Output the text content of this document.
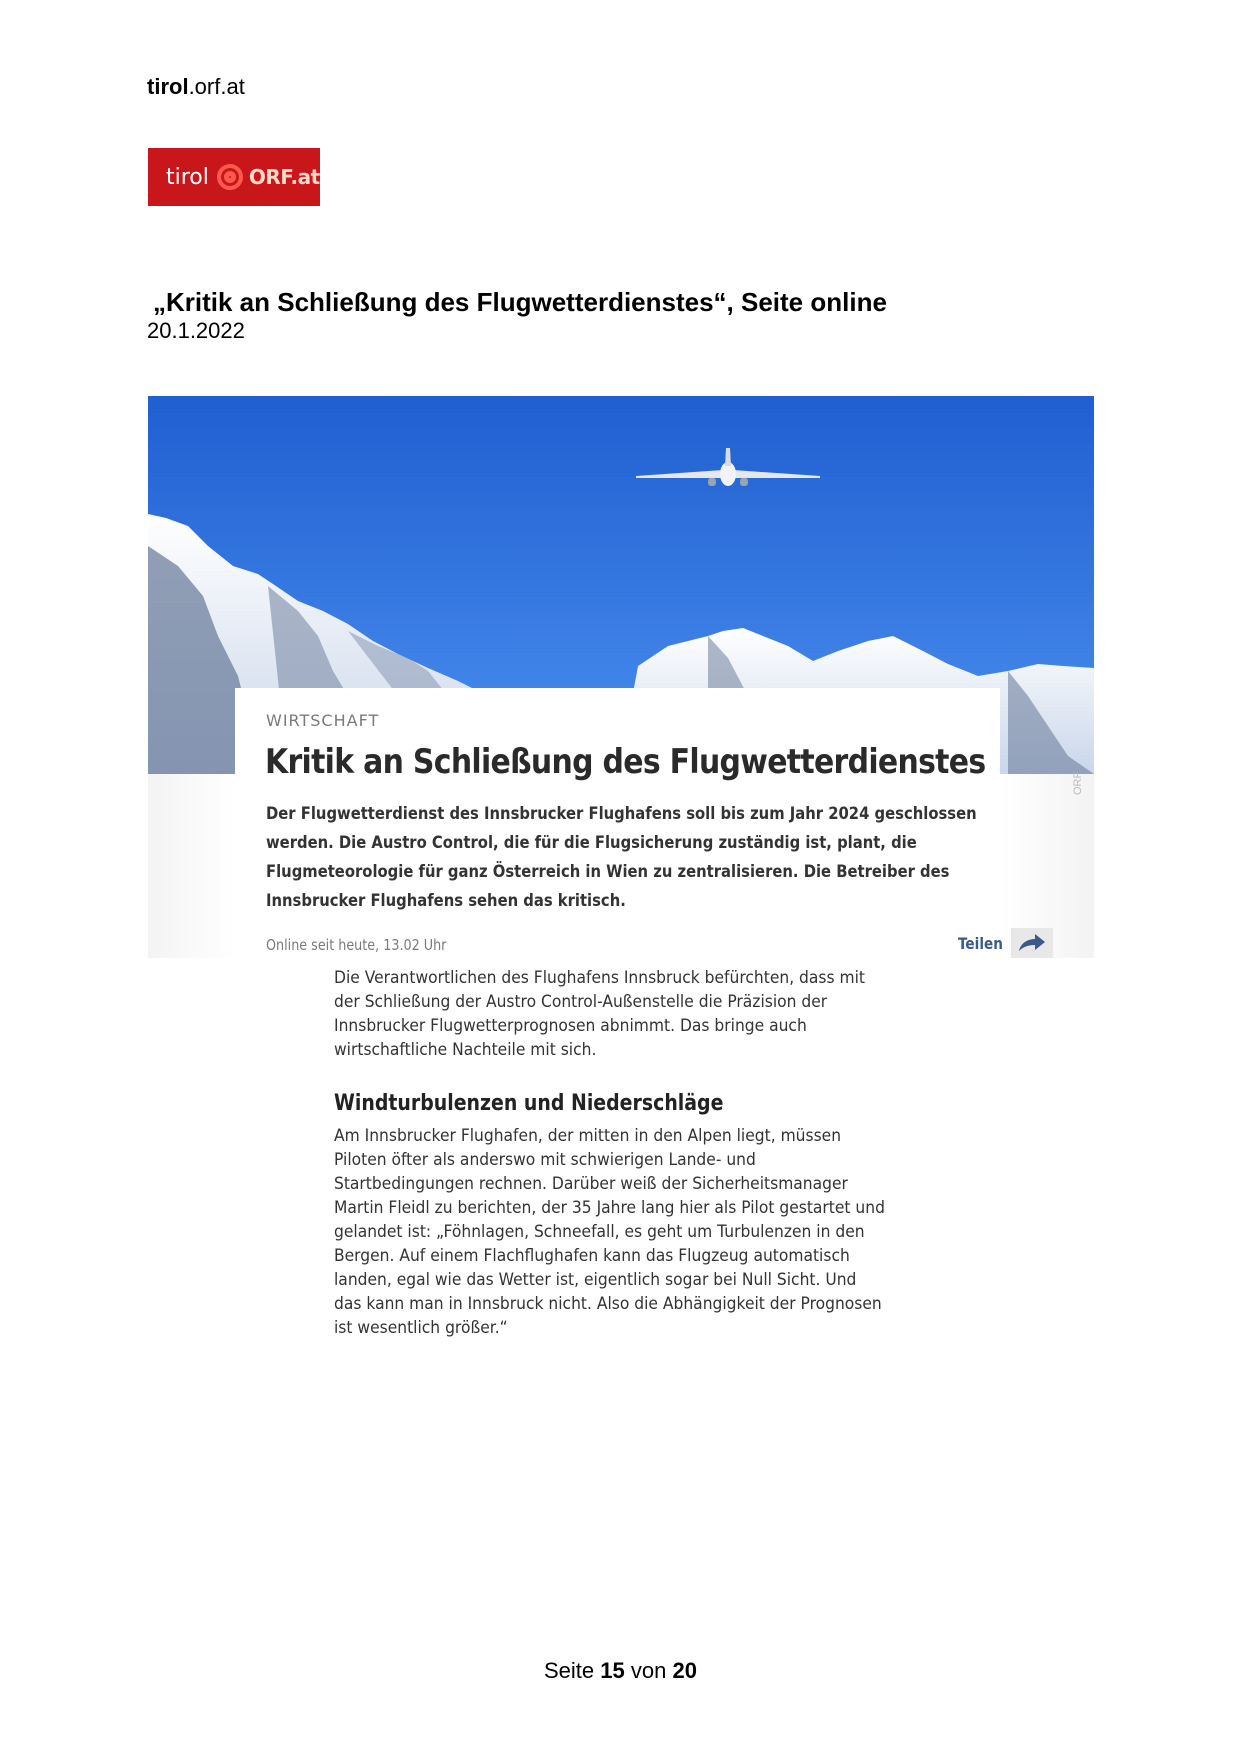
tirol.orf.at
tirol ORF.at
„Kritik an Schließung des Flugwetterdienstes“, Seite online
20.1.2022
ORF
WIRTSCHAFT
Kritik an Schließung des Flugwetterdienstes
Der Flugwetterdienst des Innsbrucker Flughafens soll bis zum Jahr 2024 geschlossen
werden. Die Austro Control, die für die Flugsicherung zuständig ist, plant, die
Flugmeteorologie für ganz Österreich in Wien zu zentralisieren. Die Betreiber des
Innsbrucker Flughafens sehen das kritisch.
Online seit heute, 13.02 Uhr	Teilen
Die Verantwortlichen des Flughafens Innsbruck befürchten, dass mit
der Schließung der Austro Control-Außenstelle die Präzision der
Innsbrucker Flugwetterprognosen abnimmt. Das bringe auch
wirtschaftliche Nachteile mit sich.
Windturbulenzen und Niederschläge
Am Innsbrucker Flughafen, der mitten in den Alpen liegt, müssen
Piloten öfter als anderswo mit schwierigen Lande- und
Startbedingungen rechnen. Darüber weiß der Sicherheitsmanager
Martin Fleidl zu berichten, der 35 Jahre lang hier als Pilot gestartet und
gelandet ist: „Föhnlagen, Schneefall, es geht um Turbulenzen in den
Bergen. Auf einem Flachflughafen kann das Flugzeug automatisch
landen, egal wie das Wetter ist, eigentlich sogar bei Null Sicht. Und
das kann man in Innsbruck nicht. Also die Abhängigkeit der Prognosen
ist wesentlich größer.“
Seite 15 von 20
